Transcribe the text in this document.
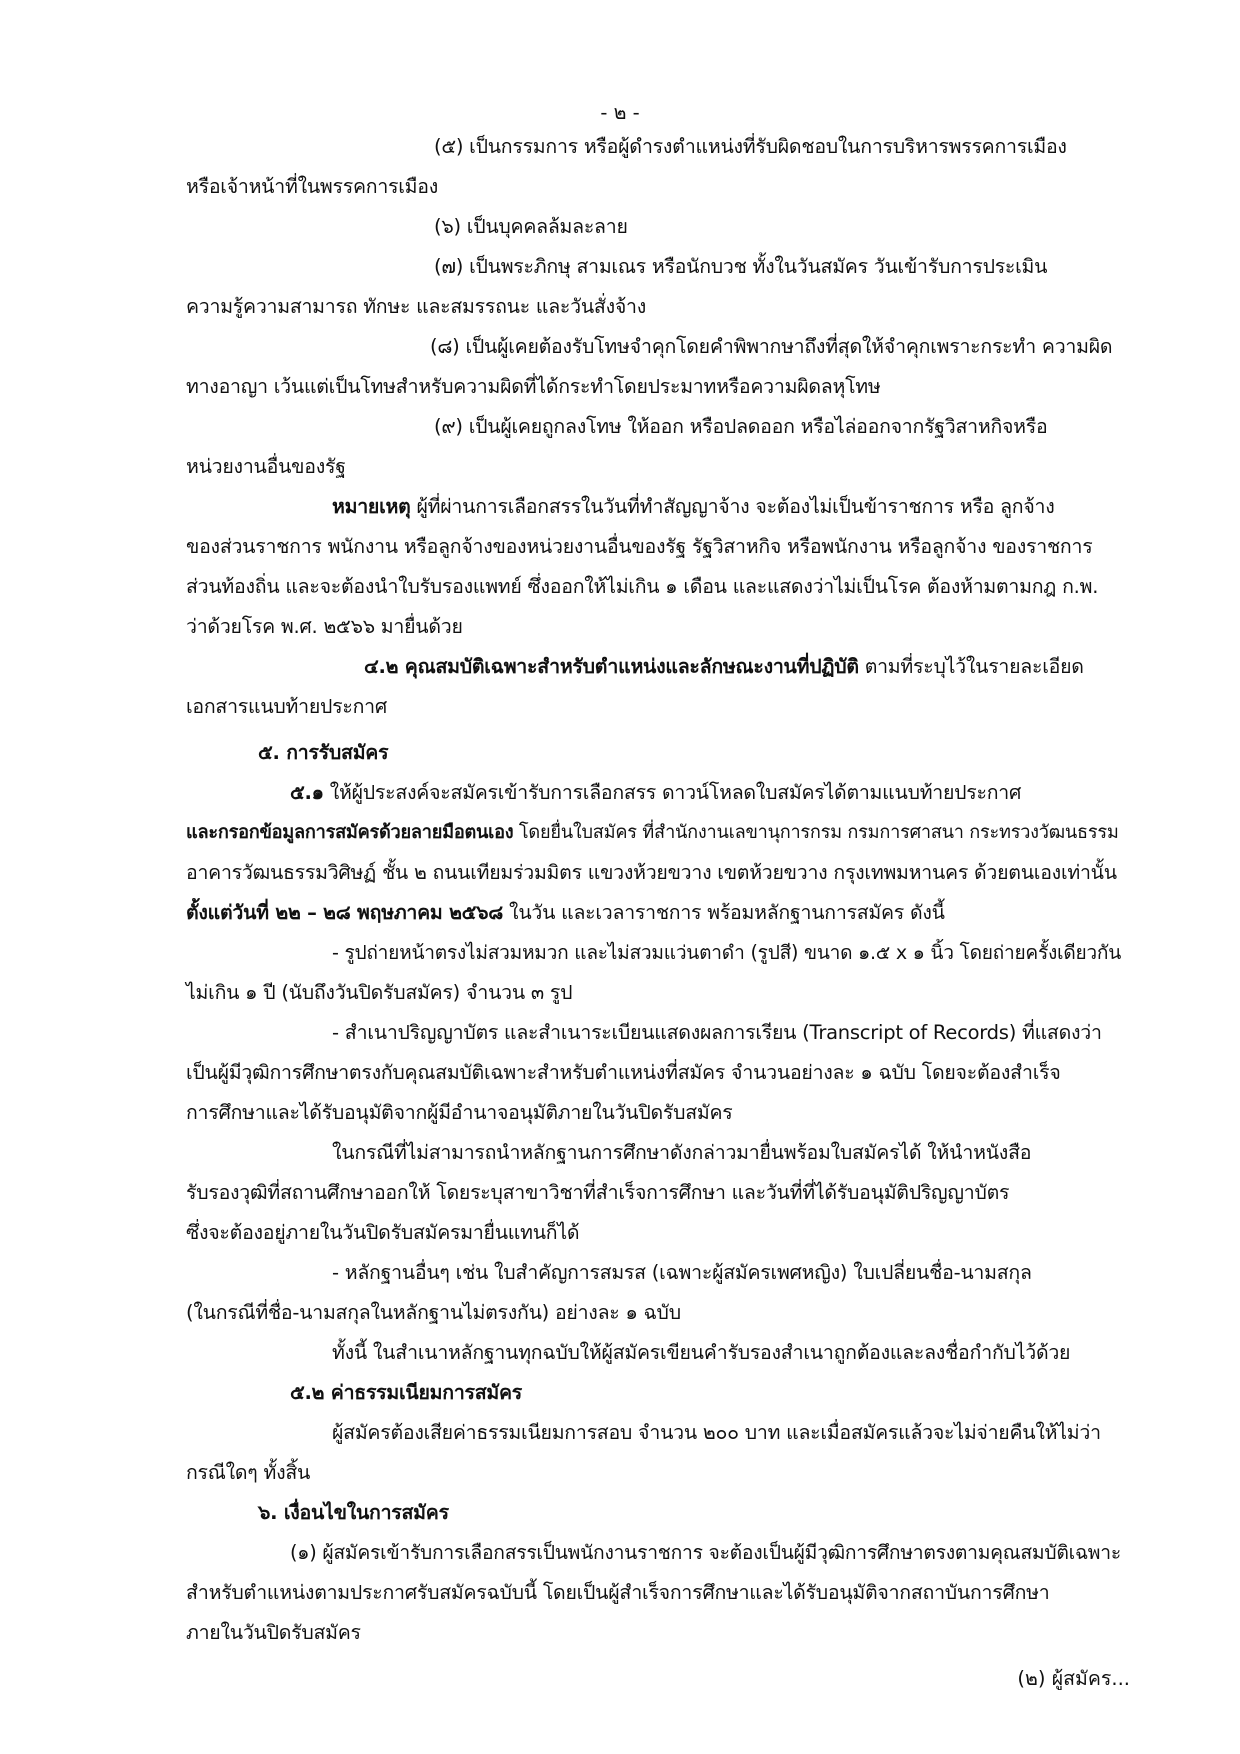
- ๒ -
(๕) เป็นกรรมการ หรือผู้ดำรงตำแหน่งที่รับผิดชอบในการบริหารพรรคการเมือง
หรือเจ้าหน้าที่ในพรรคการเมือง
(๖) เป็นบุคคลล้มละลาย
(๗) เป็นพระภิกษุ สามเณร หรือนักบวช ทั้งในวันสมัคร วันเข้ารับการประเมิน
ความรู้ความสามารถ ทักษะ และสมรรถนะ และวันสั่งจ้าง
(๘) เป็นผู้เคยต้องรับโทษจำคุกโดยคำพิพากษาถึงที่สุดให้จำคุกเพราะกระทำ ความผิด
ทางอาญา เว้นแต่เป็นโทษสำหรับความผิดที่ได้กระทำโดยประมาทหรือความผิดลหุโทษ
(๙) เป็นผู้เคยถูกลงโทษ ให้ออก หรือปลดออก หรือไล่ออกจากรัฐวิสาหกิจหรือ
หน่วยงานอื่นของรัฐ
หมายเหตุ ผู้ที่ผ่านการเลือกสรรในวันที่ทำสัญญาจ้าง จะต้องไม่เป็นข้าราชการ หรือ ลูกจ้าง
ของส่วนราชการ พนักงาน หรือลูกจ้างของหน่วยงานอื่นของรัฐ รัฐวิสาหกิจ หรือพนักงาน หรือลูกจ้าง ของราชการ
ส่วนท้องถิ่น และจะต้องนำใบรับรองแพทย์ ซึ่งออกให้ไม่เกิน ๑ เดือน และแสดงว่าไม่เป็นโรค ต้องห้ามตามกฎ ก.พ.
ว่าด้วยโรค พ.ศ. ๒๕๖๖ มายื่นด้วย
๔.๒ คุณสมบัติเฉพาะสำหรับตำแหน่งและลักษณะงานที่ปฏิบัติ ตามที่ระบุไว้ในรายละเอียด
เอกสารแนบท้ายประกาศ
๕. การรับสมัคร
๕.๑ ให้ผู้ประสงค์จะสมัครเข้ารับการเลือกสรร ดาวน์โหลดใบสมัครได้ตามแนบท้ายประกาศ
และกรอกข้อมูลการสมัครด้วยลายมือตนเอง โดยยื่นใบสมัคร ที่สำนักงานเลขานุการกรม กรมการศาสนา กระทรวงวัฒนธรรม
อาคารวัฒนธรรมวิศิษฏ์ ชั้น ๒ ถนนเทียมร่วมมิตร แขวงห้วยขวาง เขตห้วยขวาง กรุงเทพมหานคร ด้วยตนเองเท่านั้น
ตั้งแต่วันที่ ๒๒ – ๒๘ พฤษภาคม ๒๕๖๘ ในวัน และเวลาราชการ พร้อมหลักฐานการสมัคร ดังนี้
- รูปถ่ายหน้าตรงไม่สวมหมวก และไม่สวมแว่นตาดำ (รูปสี) ขนาด ๑.๕ x ๑ นิ้ว โดยถ่ายครั้งเดียวกัน
ไม่เกิน ๑ ปี (นับถึงวันปิดรับสมัคร) จำนวน ๓ รูป
- สำเนาปริญญาบัตร และสำเนาระเบียนแสดงผลการเรียน (Transcript of Records) ที่แสดงว่า
เป็นผู้มีวุฒิการศึกษาตรงกับคุณสมบัติเฉพาะสำหรับตำแหน่งที่สมัคร จำนวนอย่างละ ๑ ฉบับ โดยจะต้องสำเร็จ
การศึกษาและได้รับอนุมัติจากผู้มีอำนาจอนุมัติภายในวันปิดรับสมัคร
ในกรณีที่ไม่สามารถนำหลักฐานการศึกษาดังกล่าวมายื่นพร้อมใบสมัครได้ ให้นำหนังสือ
รับรองวุฒิที่สถานศึกษาออกให้ โดยระบุสาขาวิชาที่สำเร็จการศึกษา และวันที่ที่ได้รับอนุมัติปริญญาบัตร
ซึ่งจะต้องอยู่ภายในวันปิดรับสมัครมายื่นแทนก็ได้
- หลักฐานอื่นๆ เช่น ใบสำคัญการสมรส (เฉพาะผู้สมัครเพศหญิง) ใบเปลี่ยนชื่อ-นามสกุล
(ในกรณีที่ชื่อ-นามสกุลในหลักฐานไม่ตรงกัน) อย่างละ ๑ ฉบับ
ทั้งนี้ ในสำเนาหลักฐานทุกฉบับให้ผู้สมัครเขียนคำรับรองสำเนาถูกต้องและลงชื่อกำกับไว้ด้วย
๕.๒ ค่าธรรมเนียมการสมัคร
ผู้สมัครต้องเสียค่าธรรมเนียมการสอบ จำนวน ๒๐๐ บาท และเมื่อสมัครแล้วจะไม่จ่ายคืนให้ไม่ว่า
กรณีใดๆ ทั้งสิ้น
๖. เงื่อนไขในการสมัคร
(๑) ผู้สมัครเข้ารับการเลือกสรรเป็นพนักงานราชการ จะต้องเป็นผู้มีวุฒิการศึกษาตรงตามคุณสมบัติเฉพาะ
สำหรับตำแหน่งตามประกาศรับสมัครฉบับนี้ โดยเป็นผู้สำเร็จการศึกษาและได้รับอนุมัติจากสถาบันการศึกษา
ภายในวันปิดรับสมัคร
(๒) ผู้สมัคร...
